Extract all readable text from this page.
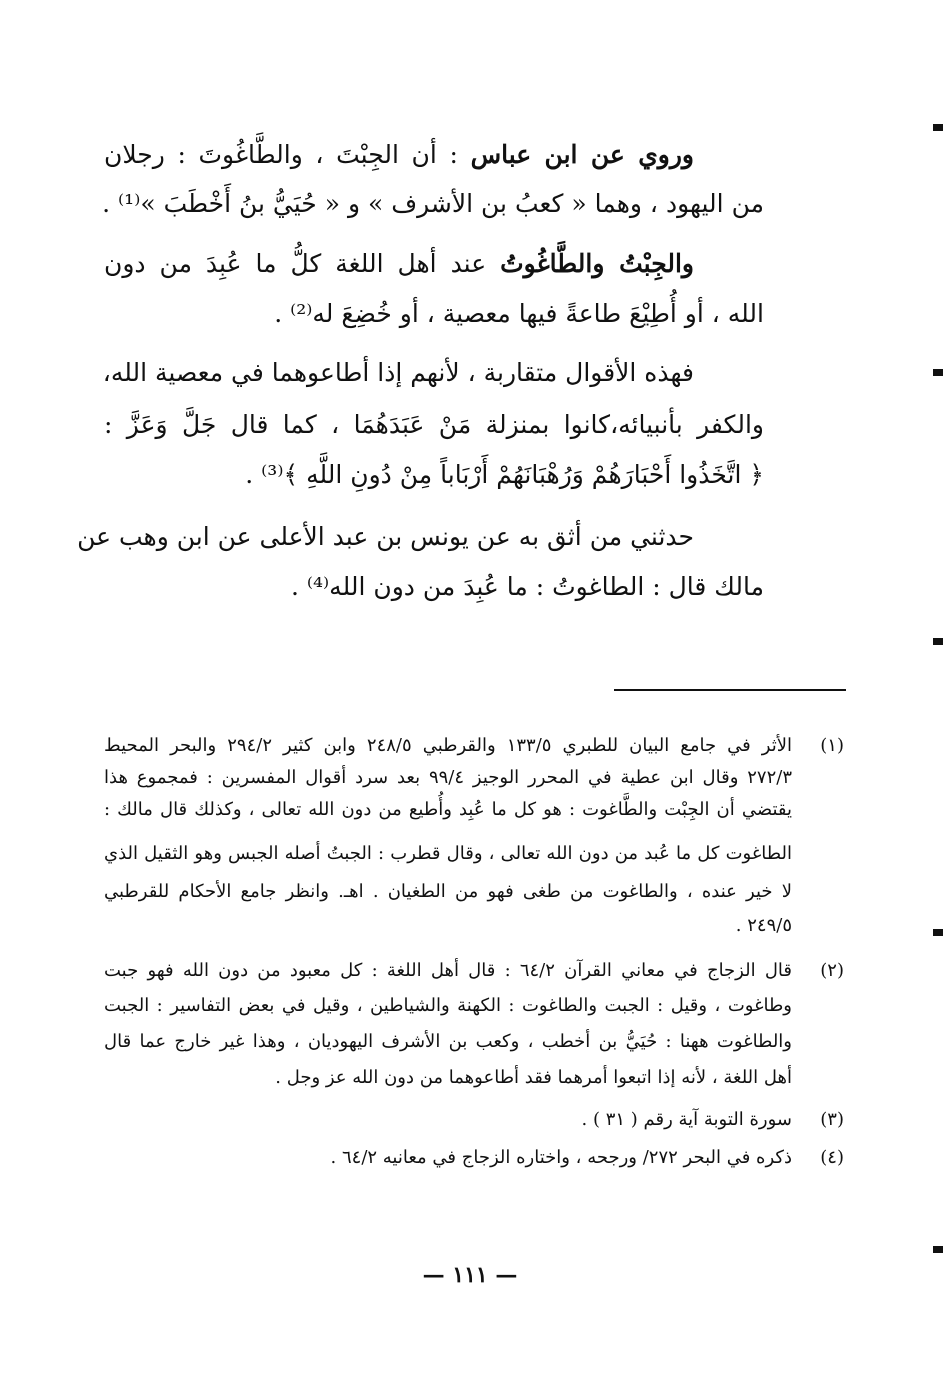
وروي عن ابن عباس : أن الجِبْتَ ، والطَّاغُوتَ : رجلان
من اليهود ، وهما « كعبُ بن الأشرف » و « حُيَيُّ بنُ أَخْطَبَ »⁽¹⁾ .
والجِبْتُ والطَّاغُوتُ عند أهل اللغة كلُّ ما عُبِدَ من دون
الله ، أو أُطِيْعَ طاعةً فيها معصية ، أو خُضِعَ له⁽²⁾ .
فهذه الأقوال متقاربة ، لأنهم إذا أطاعوهما في معصية الله،
والكفر بأنبيائه،كانوا بمنزلة مَنْ عَبَدَهُمَا ، كما قال جَلَّ وَعَزَّ :
﴿ اتَّخَذُوا أَحْبَارَهُمْ وَرُهْبَانَهُمْ أَرْبَاباً مِنْ دُونِ اللَّهِ ﴾⁽³⁾ .
حدثني من أثق به عن يونس بن عبد الأعلى عن ابن وهب عن
مالك قال : الطاغوتُ : ما عُبِدَ من دون الله⁽⁴⁾ .
(١)
الأثر في جامع البيان للطبري ١٣٣/٥ والقرطبي ٢٤٨/٥ وابن كثير ٢٩٤/٢ والبحر المحيط
٢٧٢/٣ وقال ابن عطية في المحرر الوجيز ٩٩/٤ بعد سرد أقوال المفسرين : فمجموع هذا
يقتضي أن الجِبْت والطَّاغوت : هو كل ما عُبِد وأُطيع من دون الله تعالى ، وكذلك قال مالك :
الطاغوت كل ما عُبد من دون الله تعالى ، وقال قطرب : الجبتُ أصله الجبس وهو الثقيل الذي
لا خير عنده ، والطاغوت من طغى فهو من الطغيان . اهـ. وانظر جامع الأحكام للقرطبي
٢٤٩/٥ .
(٢)
قال الزجاج في معاني القرآن ٦٤/٢ : قال أهل اللغة : كل معبود من دون الله فهو جبت
وطاغوت ، وقيل : الجبت والطاغوت : الكهنة والشياطين ، وقيل في بعض التفاسير : الجبت
والطاغوت ههنا : حُيَيُّ بن أخطب ، وكعب بن الأشرف اليهوديان ، وهذا غير خارج عما قال
أهل اللغة ، لأنه إذا اتبعوا أمرهما فقد أطاعوهما من دون الله عز وجل .
(٣)
سورة التوبة آية رقم ( ٣١ ) .
(٤)
ذكره في البحر ٢٧٢/ ورجحه ، واختاره الزجاج في معانيه ٦٤/٢ .
— ١١١ —
